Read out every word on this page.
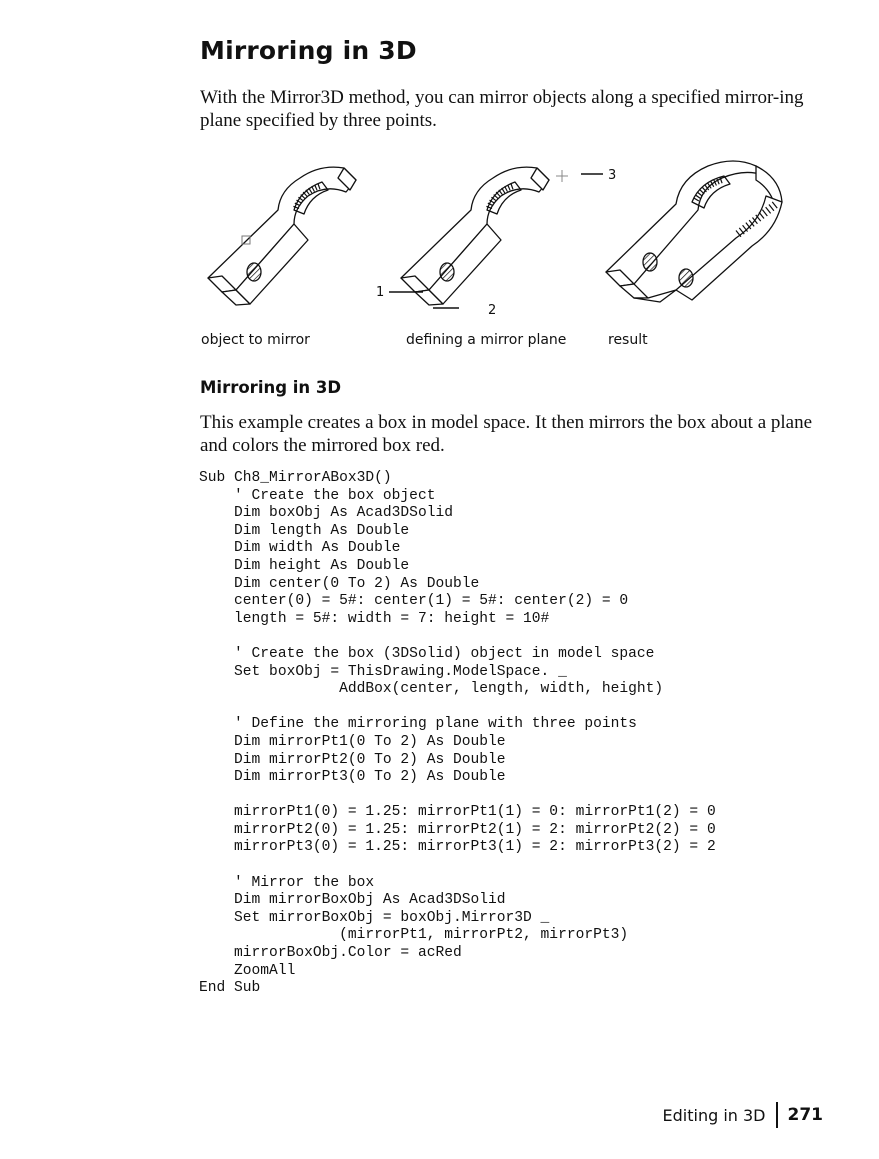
Mirroring in 3D

With the Mirror3D method, you can mirror objects along a specified mirror-ing plane specified by three points.

1
2
3

object to mirror	defining a mirror plane	result

Mirroring in 3D

This example creates a box in model space. It then mirrors the box about a plane and colors the mirrored box red.

Sub Ch8_MirrorABox3D()
' Create the box object
Dim boxObj As Acad3DSolid
Dim length As Double
Dim width As Double
Dim height As Double
Dim center(0 To 2) As Double
center(0) = 5#: center(1) = 5#: center(2) = 0
length = 5#: width = 7: height = 10#
' Create the box (3DSolid) object in model space
Set boxObj = ThisDrawing.ModelSpace. _
AddBox(center, length, width, height)
' Define the mirroring plane with three points
Dim mirrorPt1(0 To 2) As Double
Dim mirrorPt2(0 To 2) As Double
Dim mirrorPt3(0 To 2) As Double
mirrorPt1(0) = 1.25: mirrorPt1(1) = 0: mirrorPt1(2) = 0
mirrorPt2(0) = 1.25: mirrorPt2(1) = 2: mirrorPt2(2) = 0
mirrorPt3(0) = 1.25: mirrorPt3(1) = 2: mirrorPt3(2) = 2
' Mirror the box
Dim mirrorBoxObj As Acad3DSolid
Set mirrorBoxObj = boxObj.Mirror3D _
(mirrorPt1, mirrorPt2, mirrorPt3)
mirrorBoxObj.Color = acRed
ZoomAll
End Sub
Editing in 3D 271
